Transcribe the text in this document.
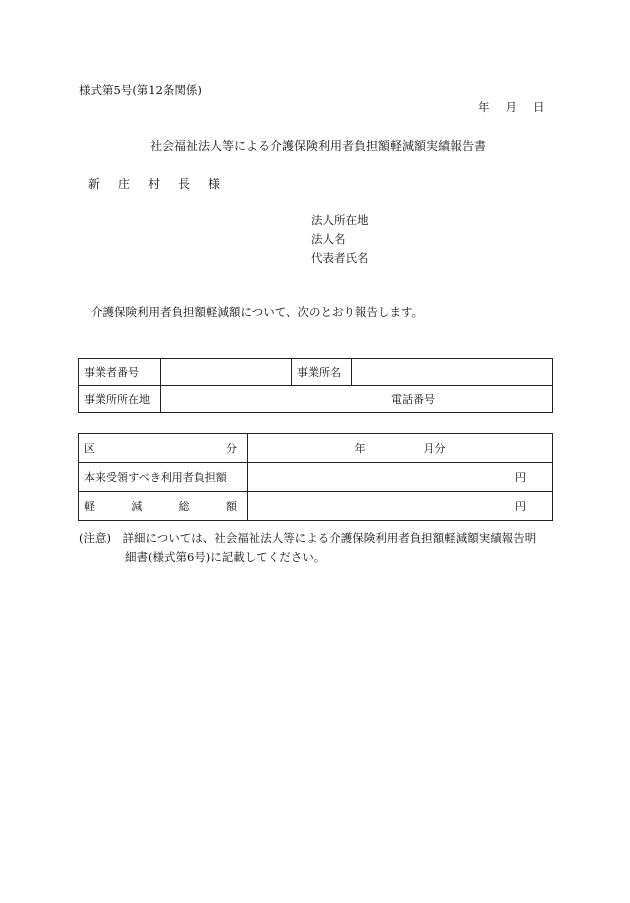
様式第5号(第12条関係)
年 月 日
社会福祉法人等による介護保険利用者負担額軽減額実績報告書
新庄村長様
法人所在地
法人名
代表者氏名
介護保険利用者負担額軽減額について、次のとおり報告します。
事業者番号		事業所名	
事業所所在地	電話番号		
区 分	年 月分
本来受領すべき利用者負担額	円

軽 減 総 額	円
(注意)　詳細については、社会福祉法人等による介護保険利用者負担額軽減額実績報告明
細書(様式第6号)に記載してください。
